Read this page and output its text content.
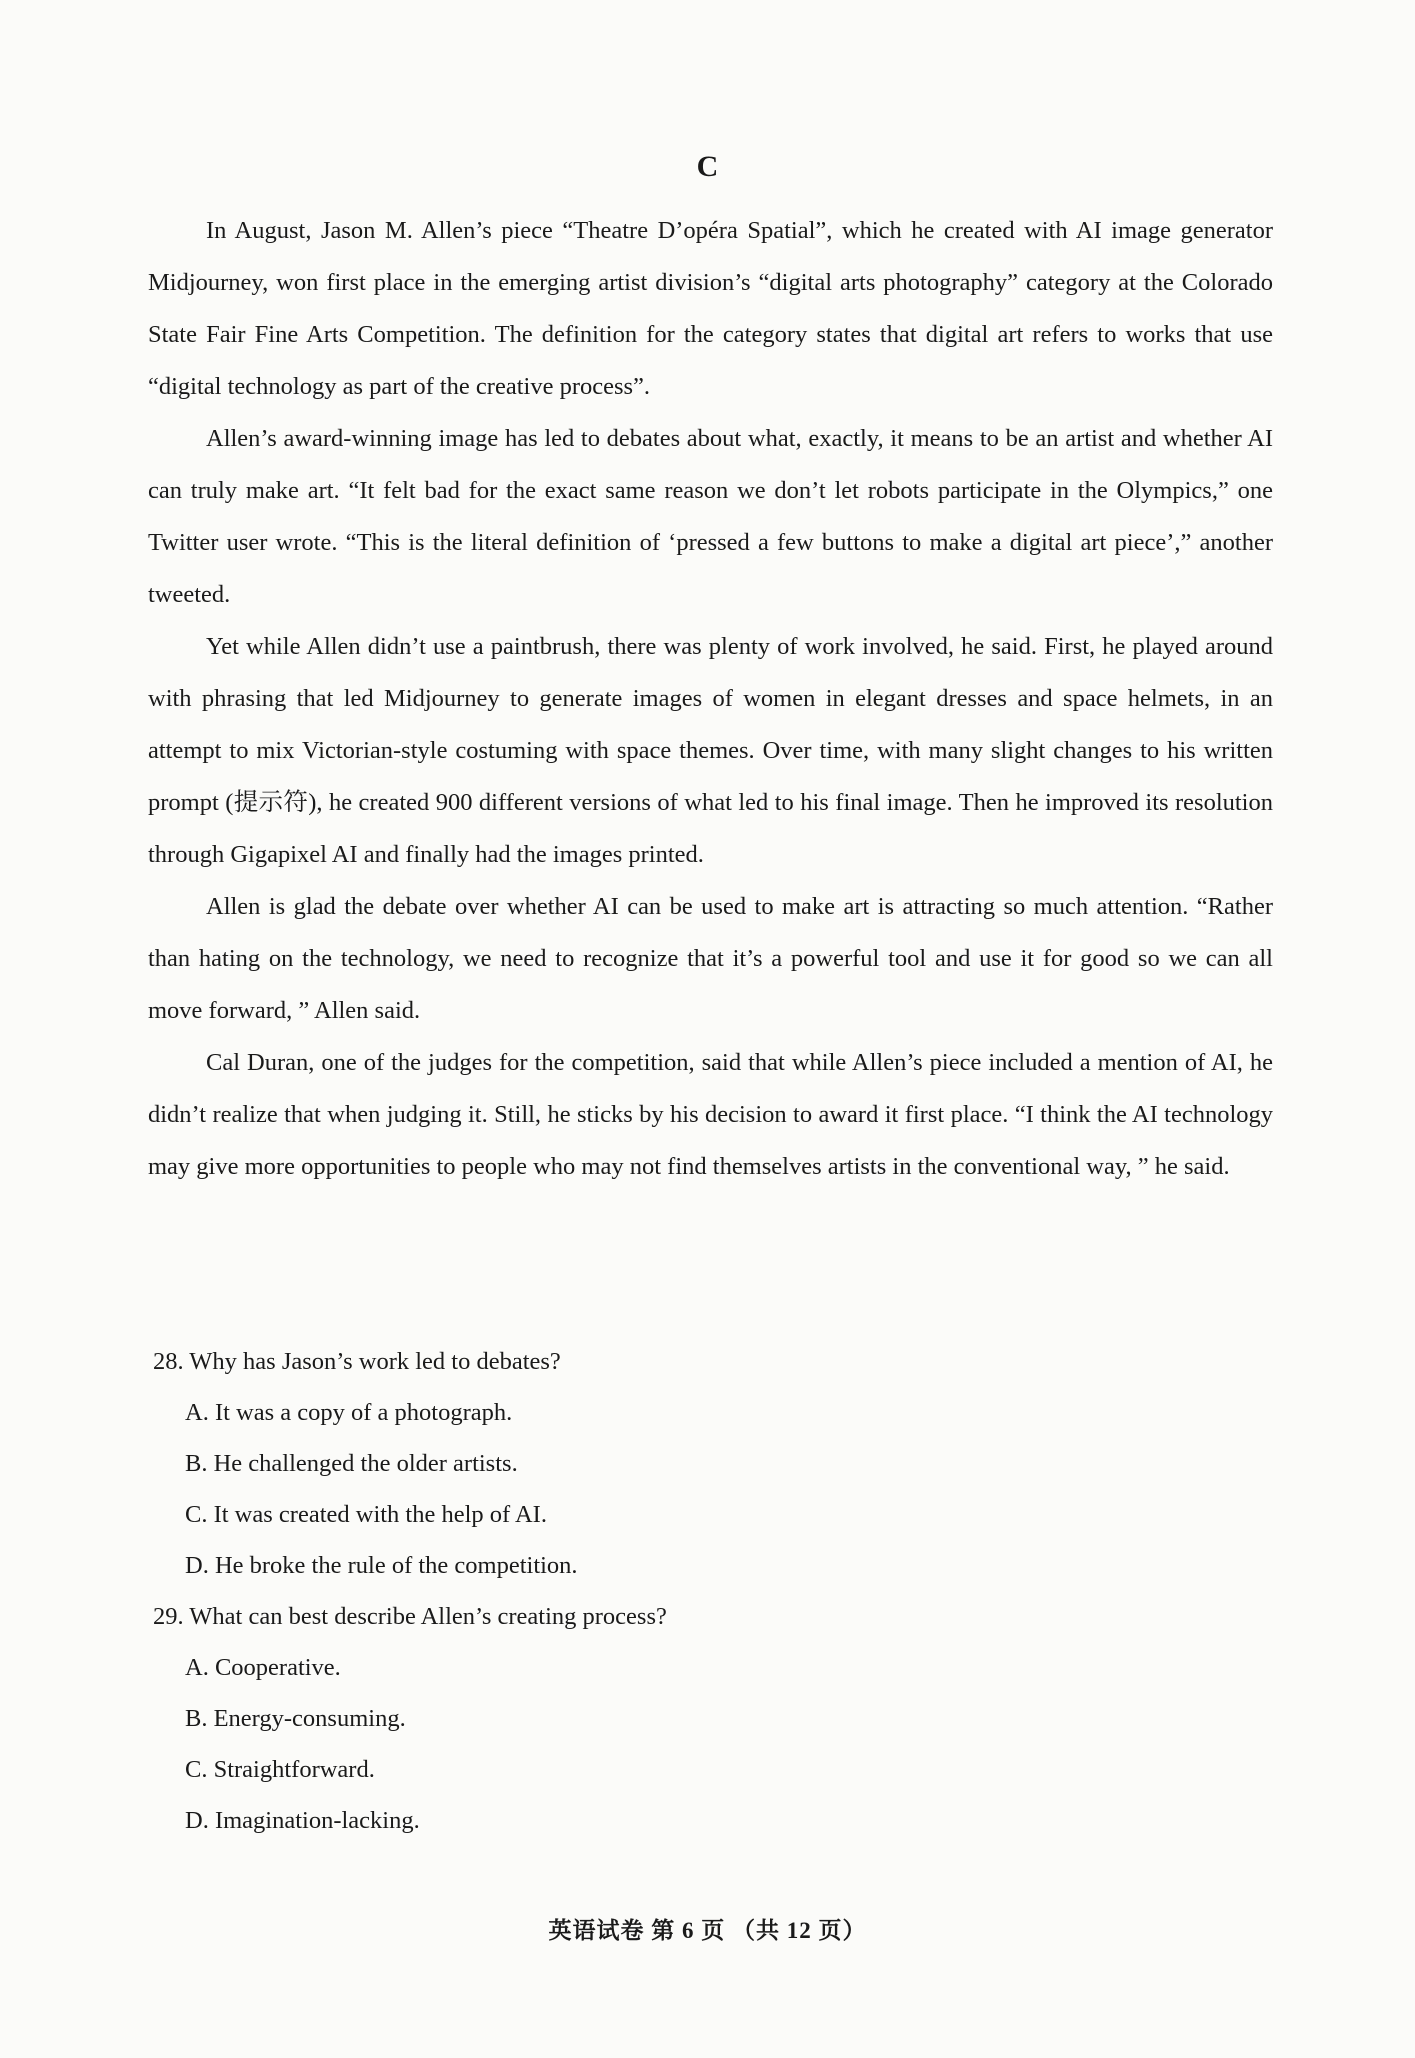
C

In August, Jason M. Allen’s piece “Theatre D’opéra Spatial”, which he created with AI image generator Midjourney, won first place in the emerging artist division’s “digital arts photography” category at the Colorado State Fair Fine Arts Competition. The definition for the category states that digital art refers to works that use “digital technology as part of the creative process”.

Allen’s award-winning image has led to debates about what, exactly, it means to be an artist and whether AI can truly make art. “It felt bad for the exact same reason we don’t let robots participate in the Olympics,” one Twitter user wrote. “This is the literal definition of ‘pressed a few buttons to make a digital art piece’,” another tweeted.

Yet while Allen didn’t use a paintbrush, there was plenty of work involved, he said. First, he played around with phrasing that led Midjourney to generate images of women in elegant dresses and space helmets, in an attempt to mix Victorian-style costuming with space themes. Over time, with many slight changes to his written prompt (提示符), he created 900 different versions of what led to his final image. Then he improved its resolution through Gigapixel AI and finally had the images printed.

Allen is glad the debate over whether AI can be used to make art is attracting so much attention. “Rather than hating on the technology, we need to recognize that it’s a powerful tool and use it for good so we can all move forward, ” Allen said.

Cal Duran, one of the judges for the competition, said that while Allen’s piece included a mention of AI, he didn’t realize that when judging it. Still, he sticks by his decision to award it first place. “I think the AI technology may give more opportunities to people who may not find themselves artists in the conventional way, ” he said.

28. Why has Jason’s work led to debates?

A. It was a copy of a photograph.

B. He challenged the older artists.

C. It was created with the help of AI.

D. He broke the rule of the competition.

29. What can best describe Allen’s creating process?

A. Cooperative.

B. Energy-consuming.

C. Straightforward.

D. Imagination-lacking.

英语试卷 第 6 页 （共 12 页）
